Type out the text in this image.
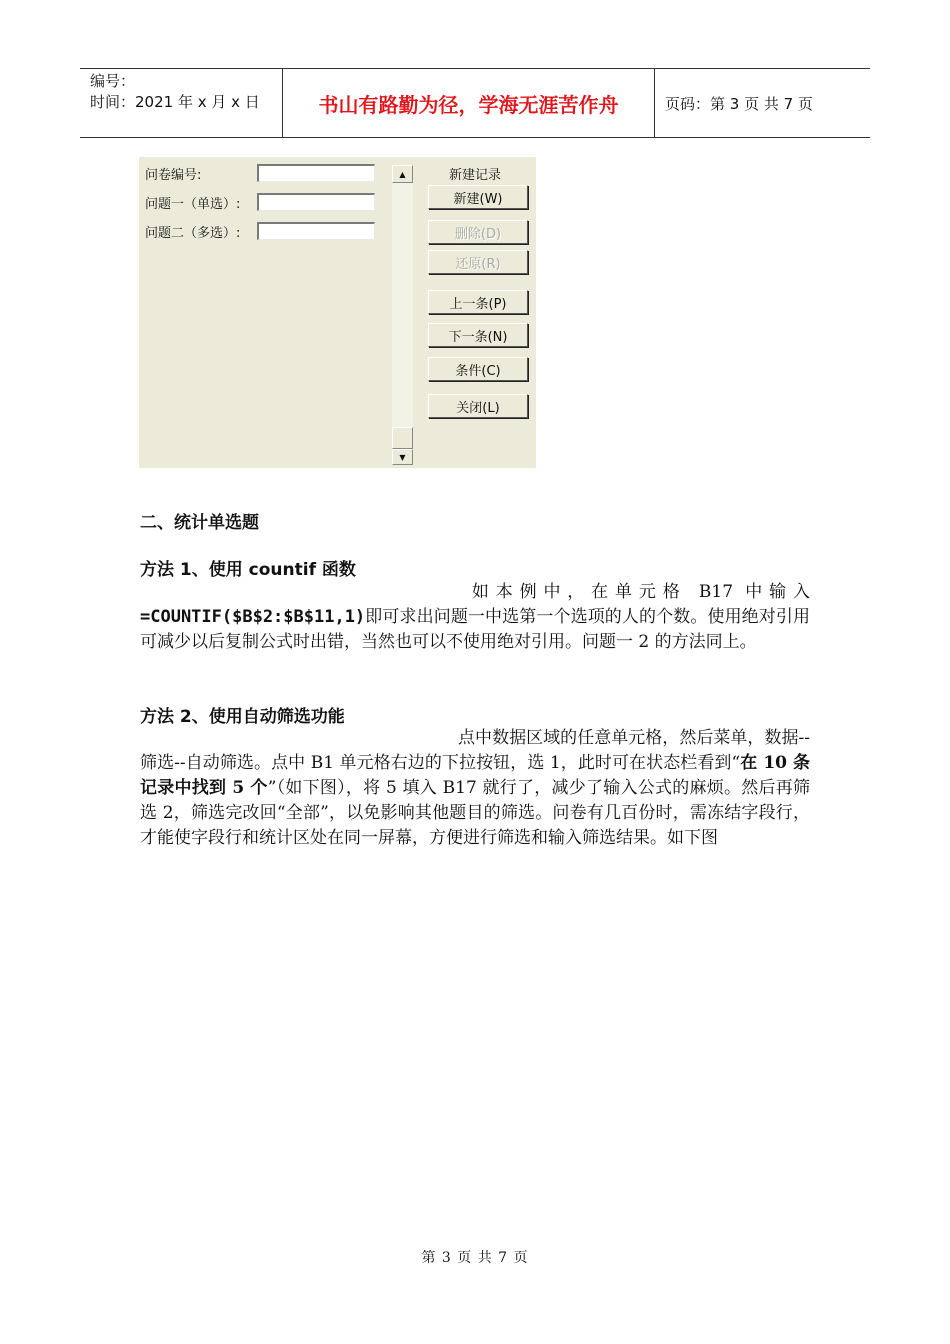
编号：
时间：2021 年 x 月 x 日	书山有路勤为径，学海无涯苦作舟	页码：第 3 页 共 7 页
问卷编号:
问题一（单选）:
问题二（多选）:
▲
▼
新建记录
新建(W)
删除(D)
还原(R)
上一条(P)
下一条(N)
条件(C)
关闭(L)
二、统计单选题
方法 1、使用 countif 函数

如本例中，在单元格 B17 中输入 =COUNTIF($B$2:$B$11,1)即可求出问题一中选第一个选项的人的个数。使用绝对引用可减少以后复制公式时出错，当然也可以不使用绝对引用。问题一 2 的方法同上。

方法 2、使用自动筛选功能

点中数据区域的任意单元格，然后菜单，数据--筛选--自动筛选。点中 B1 单元格右边的下拉按钮，选 1，此时可在状态栏看到“在 10 条记录中找到 5 个”（如下图），将 5 填入 B17 就行了，减少了输入公式的麻烦。然后再筛选 2，筛选完改回“全部”，以免影响其他题目的筛选。问卷有几百份时，需冻结字段行，才能使字段行和统计区处在同一屏幕，方便进行筛选和输入筛选结果。如下图

第 3 页 共 7 页
